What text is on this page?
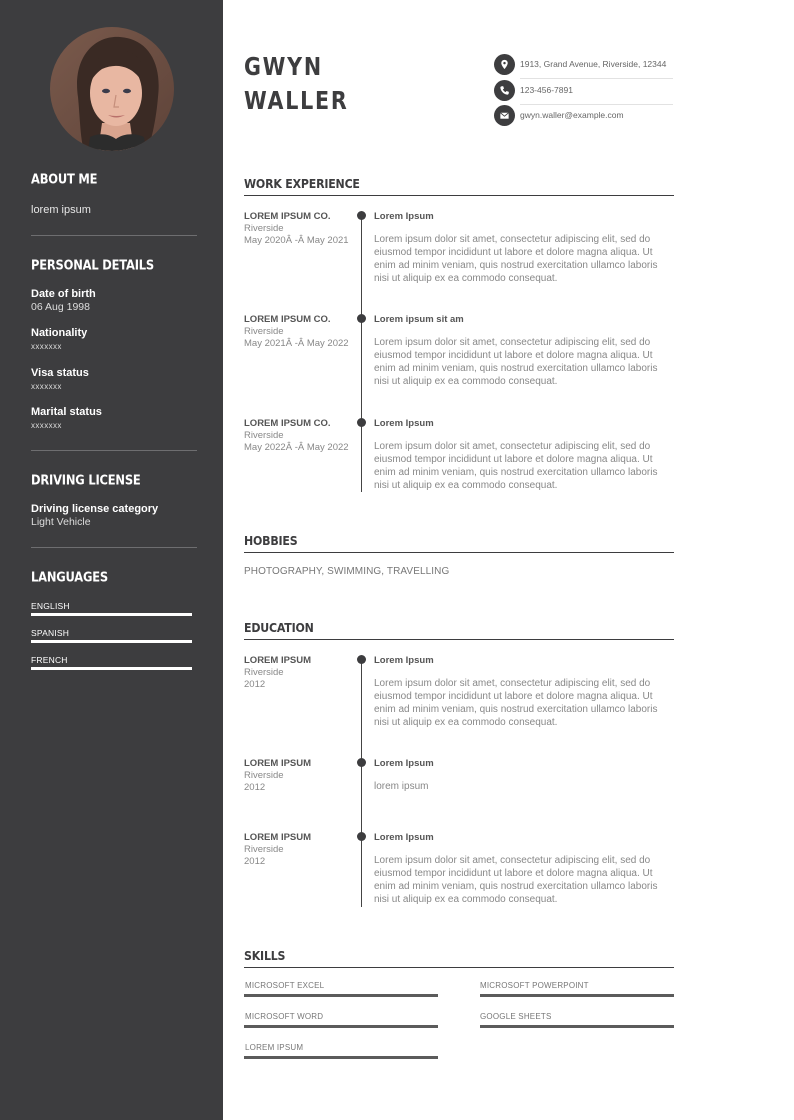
ABOUT ME
lorem ipsum
PERSONAL DETAILS
Date of birth
06 Aug 1998
Nationality
xxxxxxx
Visa status
xxxxxxx
Marital status
xxxxxxx
DRIVING LICENSE
Driving license category
Light Vehicle
LANGUAGES
ENGLISH
SPANISH
FRENCH
GWYN
WALLER
1913, Grand Avenue, Riverside, 12344
123-456-7891
gwyn.waller@example.com
WORK EXPERIENCE
LOREM IPSUM CO.
Riverside
May 2020Â -Â May 2021
Lorem Ipsum
Lorem ipsum dolor sit amet, consectetur adipiscing elit, sed do eiusmod tempor incididunt ut labore et dolore magna aliqua. Ut enim ad minim veniam, quis nostrud exercitation ullamco laboris nisi ut aliquip ex ea commodo consequat.
LOREM IPSUM CO.
Riverside
May 2021Â -Â May 2022
Lorem ipsum sit am
Lorem ipsum dolor sit amet, consectetur adipiscing elit, sed do eiusmod tempor incididunt ut labore et dolore magna aliqua. Ut enim ad minim veniam, quis nostrud exercitation ullamco laboris nisi ut aliquip ex ea commodo consequat.
LOREM IPSUM CO.
Riverside
May 2022Â -Â May 2022
Lorem Ipsum
Lorem ipsum dolor sit amet, consectetur adipiscing elit, sed do eiusmod tempor incididunt ut labore et dolore magna aliqua. Ut enim ad minim veniam, quis nostrud exercitation ullamco laboris nisi ut aliquip ex ea commodo consequat.
HOBBIES
PHOTOGRAPHY, SWIMMING, TRAVELLING
EDUCATION
LOREM IPSUM
Riverside
2012
Lorem Ipsum
Lorem ipsum dolor sit amet, consectetur adipiscing elit, sed do eiusmod tempor incididunt ut labore et dolore magna aliqua. Ut enim ad minim veniam, quis nostrud exercitation ullamco laboris nisi ut aliquip ex ea commodo consequat.
LOREM IPSUM
Riverside
2012
Lorem Ipsum
lorem ipsum
LOREM IPSUM
Riverside
2012
Lorem Ipsum
Lorem ipsum dolor sit amet, consectetur adipiscing elit, sed do eiusmod tempor incididunt ut labore et dolore magna aliqua. Ut enim ad minim veniam, quis nostrud exercitation ullamco laboris nisi ut aliquip ex ea commodo consequat.
SKILLS
MICROSOFT EXCEL	MICROSOFT POWERPOINT
MICROSOFT WORD	GOOGLE SHEETS
LOREM IPSUM
